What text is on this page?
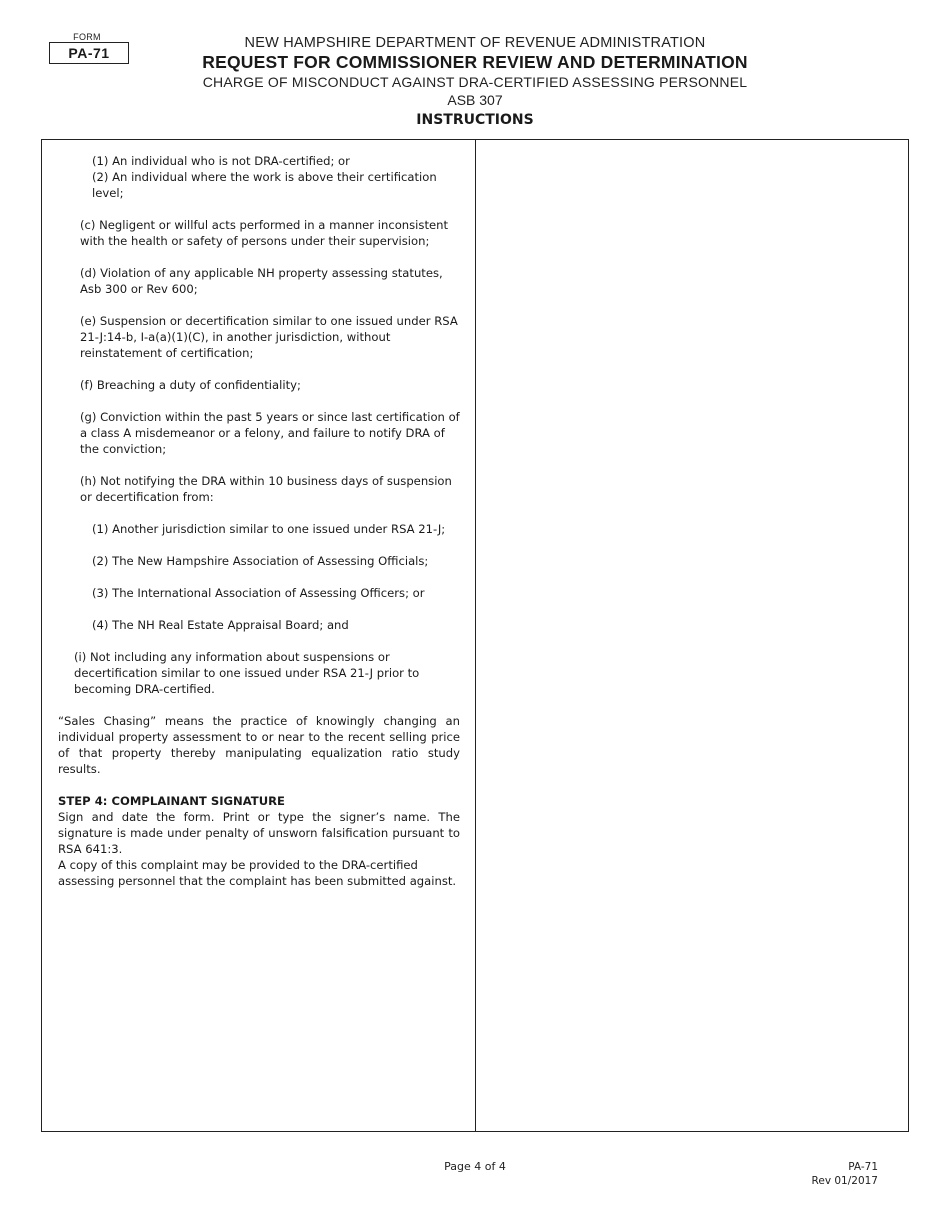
FORM
PA-71
NEW HAMPSHIRE DEPARTMENT OF REVENUE ADMINISTRATION
REQUEST FOR COMMISSIONER REVIEW AND DETERMINATION
CHARGE OF MISCONDUCT AGAINST DRA-CERTIFIED ASSESSING PERSONNEL
ASB 307
INSTRUCTIONS

(1) An individual who is not DRA-certified; or

(2) An individual where the work is above their certification level;

(c) Negligent or willful acts performed in a manner inconsistent with the health or safety of persons under their supervision;

(d) Violation of any applicable NH property assessing statutes,

Asb 300 or Rev 600;

(e) Suspension or decertification similar to one issued under RSA 21-J:14-b, I-a(a)(1)(C), in another jurisdiction, without reinstatement of certification;

(f) Breaching a duty of confidentiality;

(g) Conviction within the past 5 years or since last certification of a class A misdemeanor or a felony, and failure to notify DRA of the conviction;

(h) Not notifying the DRA within 10 business days of suspension or decertification from:

(1) Another jurisdiction similar to one issued under RSA 21-J;

(2) The New Hampshire Association of Assessing Officials;

(3) The International Association of Assessing Officers; or

(4) The NH Real Estate Appraisal Board; and

(i) Not including any information about suspensions or decertification similar to one issued under RSA 21-J prior to becoming DRA-certified.

“Sales Chasing” means the practice of knowingly changing an individual property assessment to or near to the recent selling price of that property thereby manipulating equalization ratio study results.

STEP 4: COMPLAINANT SIGNATURE

Sign and date the form. Print or type the signer’s name. The signature is made under penalty of unsworn falsification pursuant to RSA 641:3.

A copy of this complaint may be provided to the DRA-certified assessing personnel that the complaint has been submitted against.

Page 4 of 4	PA-71
Rev 01/2017
